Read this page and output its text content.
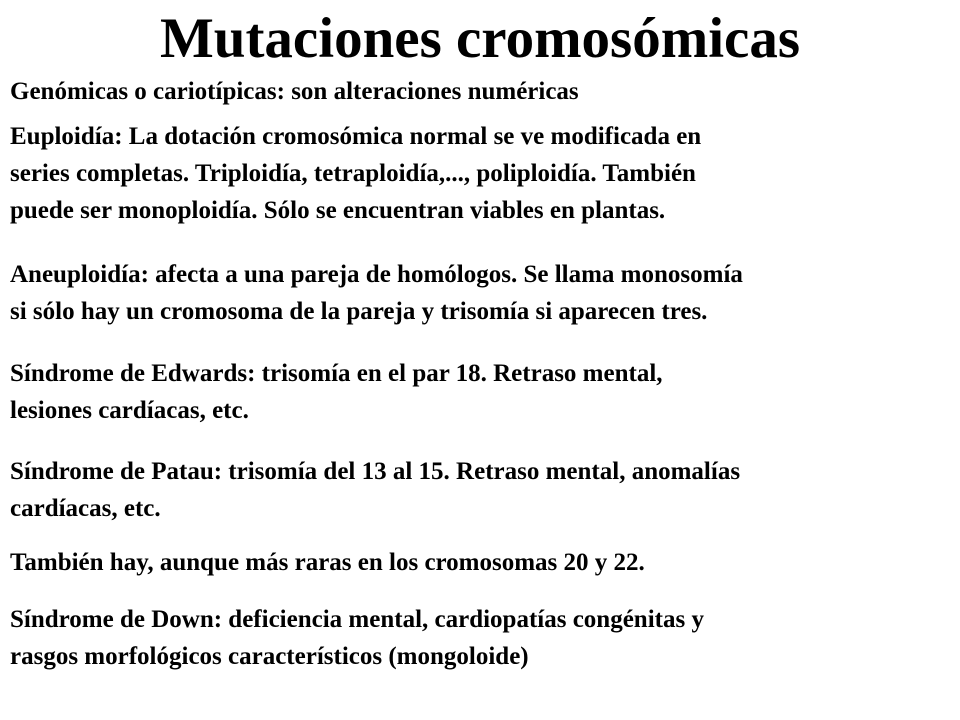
Mutaciones cromosómicas

Genómicas o cariotípicas: son alteraciones numéricas

Euploidía: La dotación cromosómica normal se ve modificada en
series completas. Triploidía, tetraploidía,..., poliploidía. También
puede ser monoploidía. Sólo se encuentran viables en plantas.

Aneuploidía: afecta a una pareja de homólogos. Se llama monosomía
si sólo hay un cromosoma de la pareja y trisomía si aparecen tres.

Síndrome de Edwards: trisomía en el par 18. Retraso mental,
lesiones cardíacas, etc.

Síndrome de Patau: trisomía del 13 al 15. Retraso mental, anomalías
cardíacas, etc.

También hay, aunque más raras en los cromosomas 20 y 22.

Síndrome de Down: deficiencia mental, cardiopatías congénitas y
rasgos morfológicos característicos (mongoloide)
